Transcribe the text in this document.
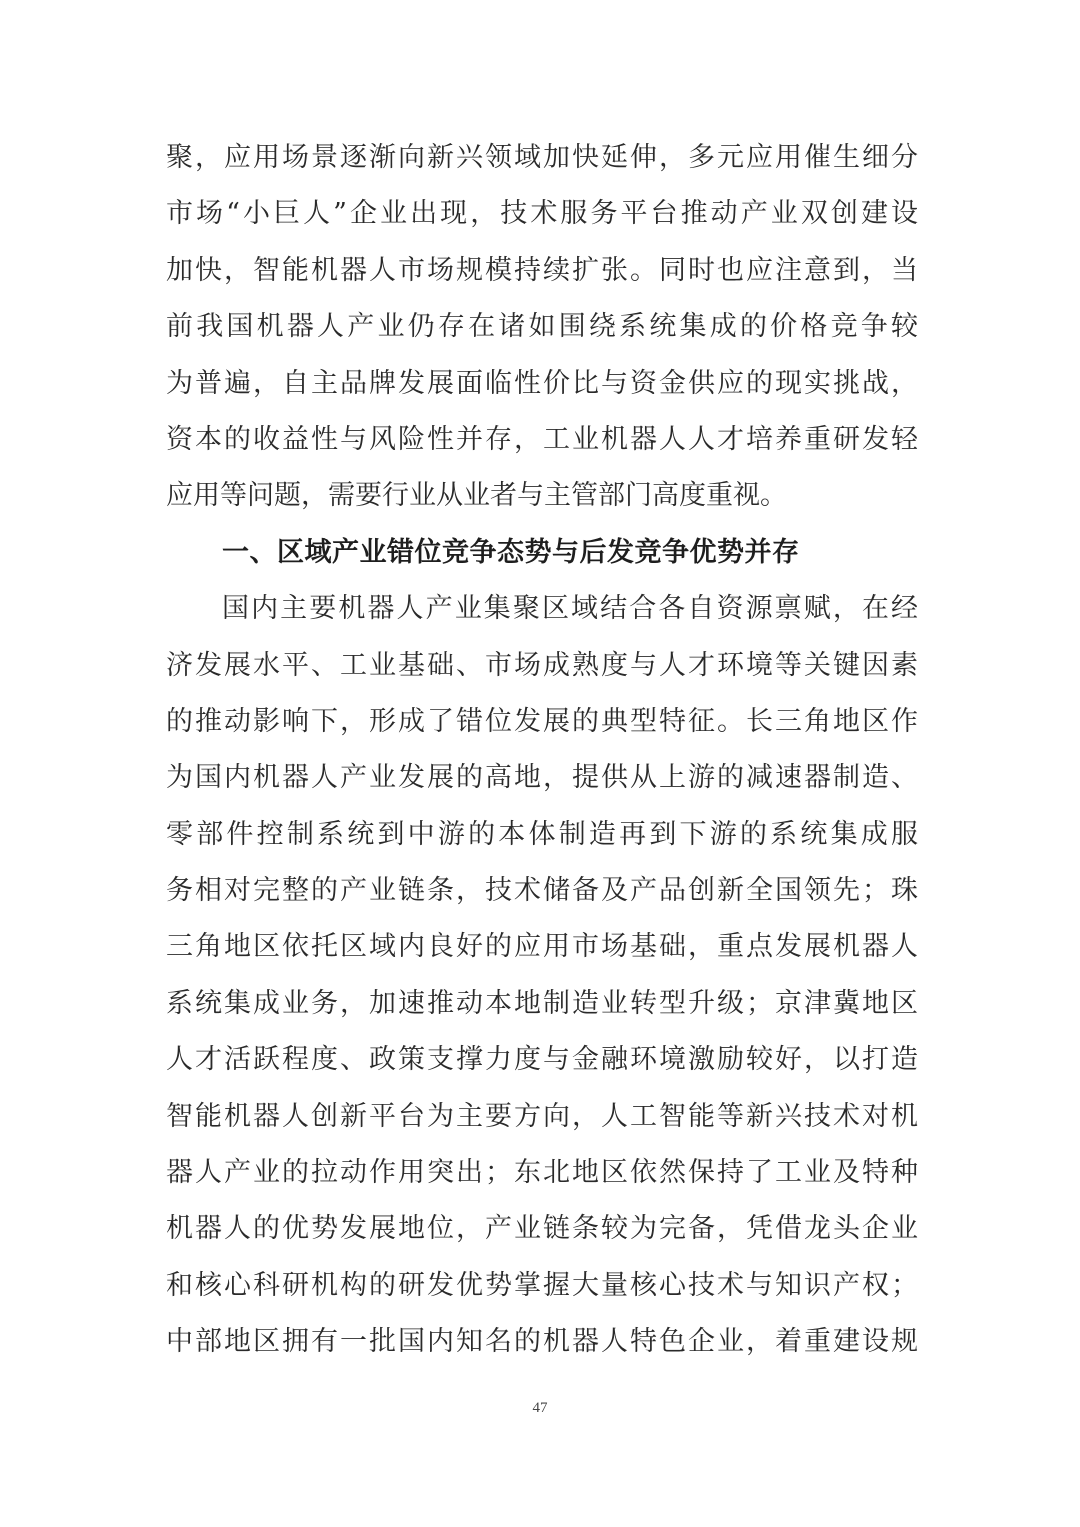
聚，应用场景逐渐向新兴领域加快延伸，多元应用催生细分
市场“小巨人”企业出现，技术服务平台推动产业双创建设
加快，智能机器人市场规模持续扩张。同时也应注意到，当
前我国机器人产业仍存在诸如围绕系统集成的价格竞争较
为普遍，自主品牌发展面临性价比与资金供应的现实挑战，
资本的收益性与风险性并存，工业机器人人才培养重研发轻
应用等问题，需要行业从业者与主管部门高度重视。
一、区域产业错位竞争态势与后发竞争优势并存
国内主要机器人产业集聚区域结合各自资源禀赋，在经
济发展水平、工业基础、市场成熟度与人才环境等关键因素
的推动影响下，形成了错位发展的典型特征。长三角地区作
为国内机器人产业发展的高地，提供从上游的减速器制造、
零部件控制系统到中游的本体制造再到下游的系统集成服
务相对完整的产业链条，技术储备及产品创新全国领先；珠
三角地区依托区域内良好的应用市场基础，重点发展机器人
系统集成业务，加速推动本地制造业转型升级；京津冀地区
人才活跃程度、政策支撑力度与金融环境激励较好，以打造
智能机器人创新平台为主要方向，人工智能等新兴技术对机
器人产业的拉动作用突出；东北地区依然保持了工业及特种
机器人的优势发展地位，产业链条较为完备，凭借龙头企业
和核心科研机构的研发优势掌握大量核心技术与知识产权；
中部地区拥有一批国内知名的机器人特色企业，着重建设规
47
